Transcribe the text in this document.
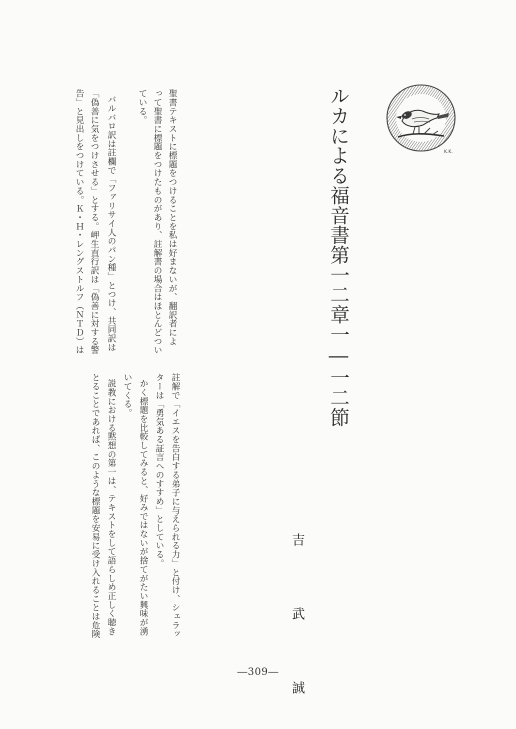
K.K.
ルカによる福音書第一二章一―一二節
聖書テキストに標題をつけることを私は好まないが、翻訳者によ
って聖書に標題をつけたものがあり、註解書の場合はほとんどつい
ている。
バルバロ訳は註欄で「ファリサイ人のパン種」とつけ、共同訳は
「偽善に気をつけさせる」とする。岬生直行訳は「偽善に対する警
告」と見出しをつけている。Ｋ・Ｈ・レングストルフ（ＮＴＤ）は
吉　武　誠
註解で「イエスを告白する弟子に与えられる力」と付け、シェラッ
ターは「勇気ある証言へのすすめ」としている。
かく標題を比較してみると、好みではないが捨てがたい興味が湧
いてくる。
説教における黙想の第一は、テキストをして語らしめ正しく聴き
とることであれば、このような標題を安易に受け入れることは危険
―309―
